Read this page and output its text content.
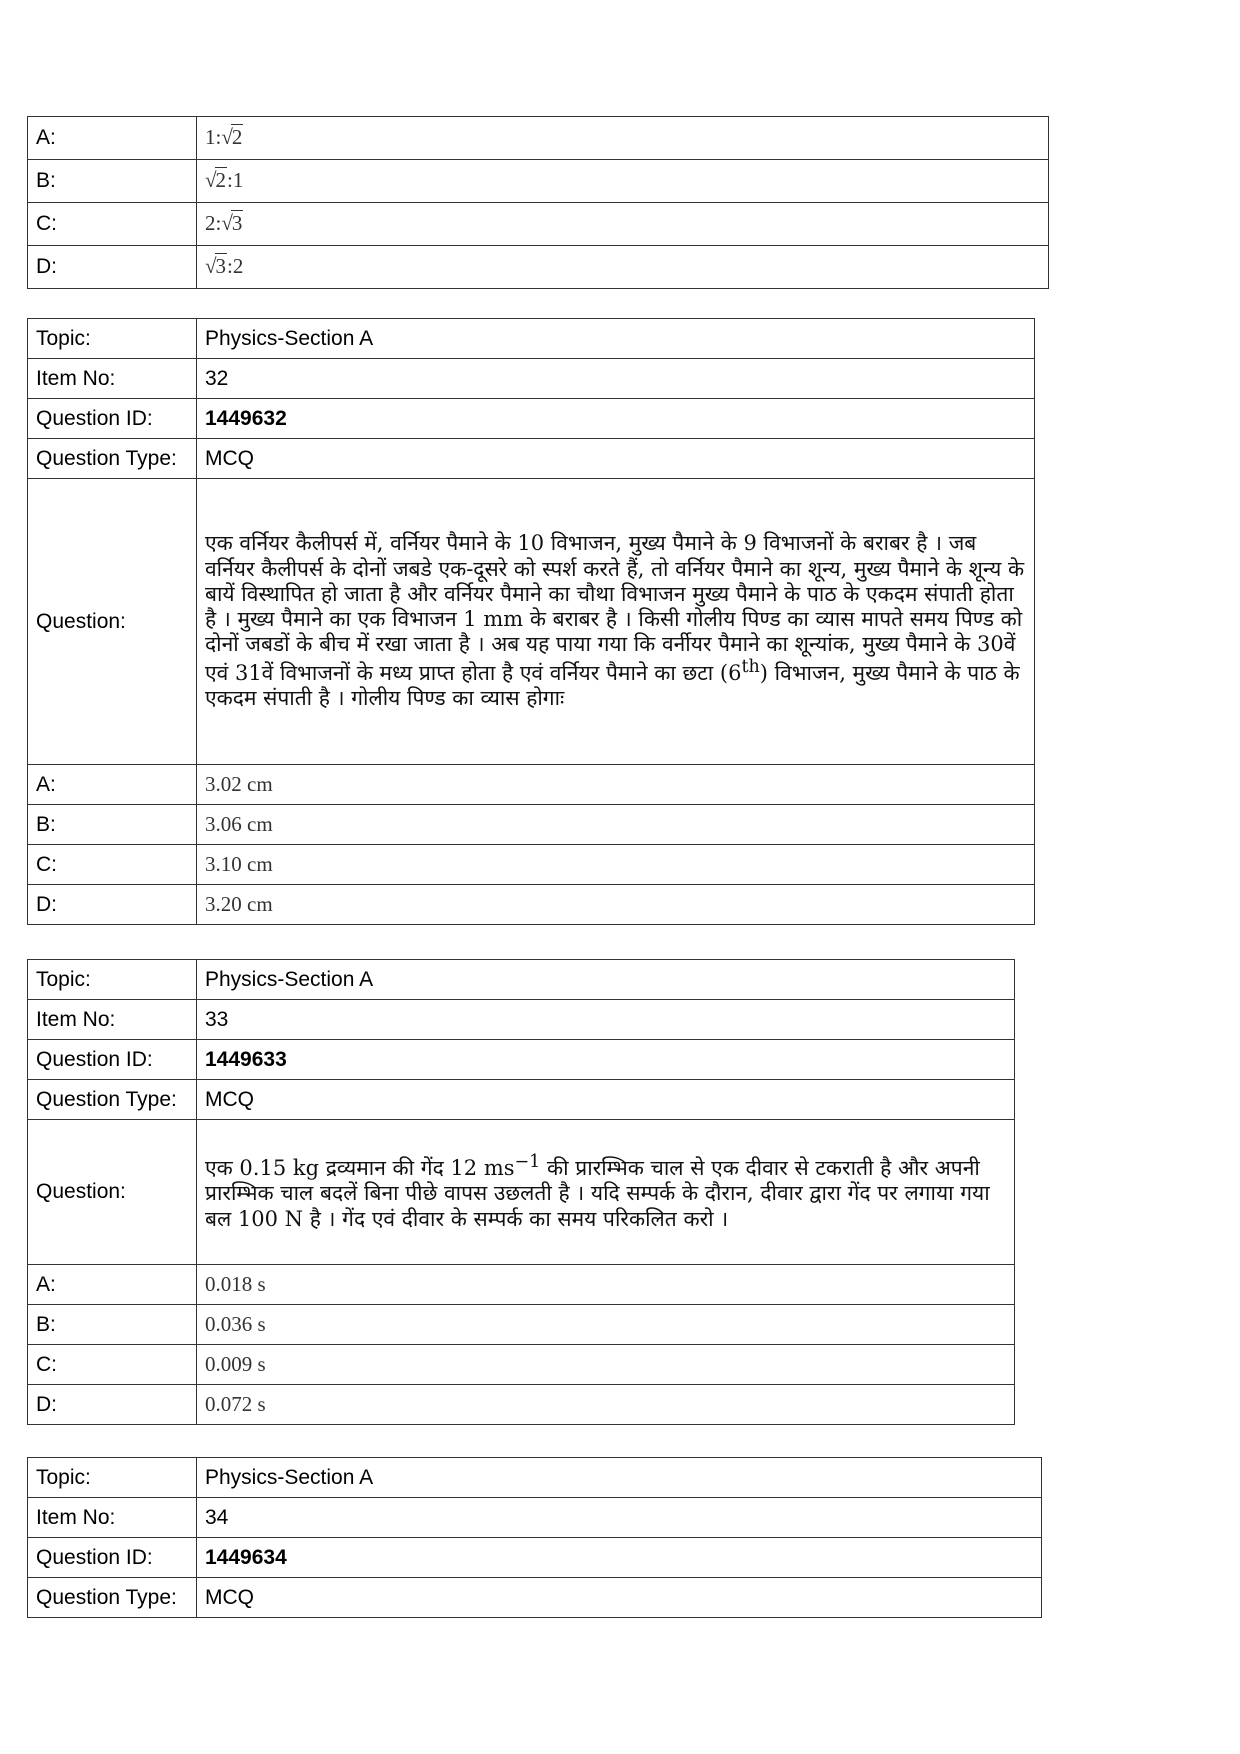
A:	1:√2
B:	√2:1
C:	2:√3
D:	√3:2
Topic:	Physics-Section A
Item No:	32
Question ID:	1449632
Question Type:	MCQ
Question:	एक वर्नियर कैलीपर्स में, वर्नियर पैमाने के 10 विभाजन, मुख्य पैमाने के 9 विभाजनों के बराबर है । जब वर्नियर कैलीपर्स के दोनों जबडे एक-दूसरे को स्पर्श करते हैं, तो वर्नियर पैमाने का शून्य, मुख्य पैमाने के शून्य के बायें विस्थापित हो जाता है और वर्नियर पैमाने का चौथा विभाजन मुख्य पैमाने के पाठ के एकदम संपाती होता है । मुख्य पैमाने का एक विभाजन 1 mm के बराबर है । किसी गोलीय पिण्ड का व्यास मापते समय पिण्ड को दोनों जबडों के बीच में रखा जाता है । अब यह पाया गया कि वर्नीयर पैमाने का शून्यांक, मुख्य पैमाने के 30वें एवं 31वें विभाजनों के मध्य प्राप्त होता है एवं वर्नियर पैमाने का छटा (6th) विभाजन, मुख्य पैमाने के पाठ के एकदम संपाती है । गोलीय पिण्ड का व्यास होगाः
A:	3.02 cm
B:	3.06 cm
C:	3.10 cm
D:	3.20 cm
Topic:	Physics-Section A
Item No:	33
Question ID:	1449633
Question Type:	MCQ
Question:	एक 0.15 kg द्रव्यमान की गेंद 12 $ms^{-1}$ की प्रारम्भिक चाल से एक दीवार से टकराती है और अपनी प्रारम्भिक चाल बदलें बिना पीछे वापस उछलती है । यदि सम्पर्क के दौरान, दीवार द्वारा गेंद पर लगाया गया बल 100 N है । गेंद एवं दीवार के सम्पर्क का समय परिकलित करो ।
A:	0.018 s
B:	0.036 s
C:	0.009 s
D:	0.072 s
Topic:	Physics-Section A
Item No:	34
Question ID:	1449634
Question Type:	MCQ
